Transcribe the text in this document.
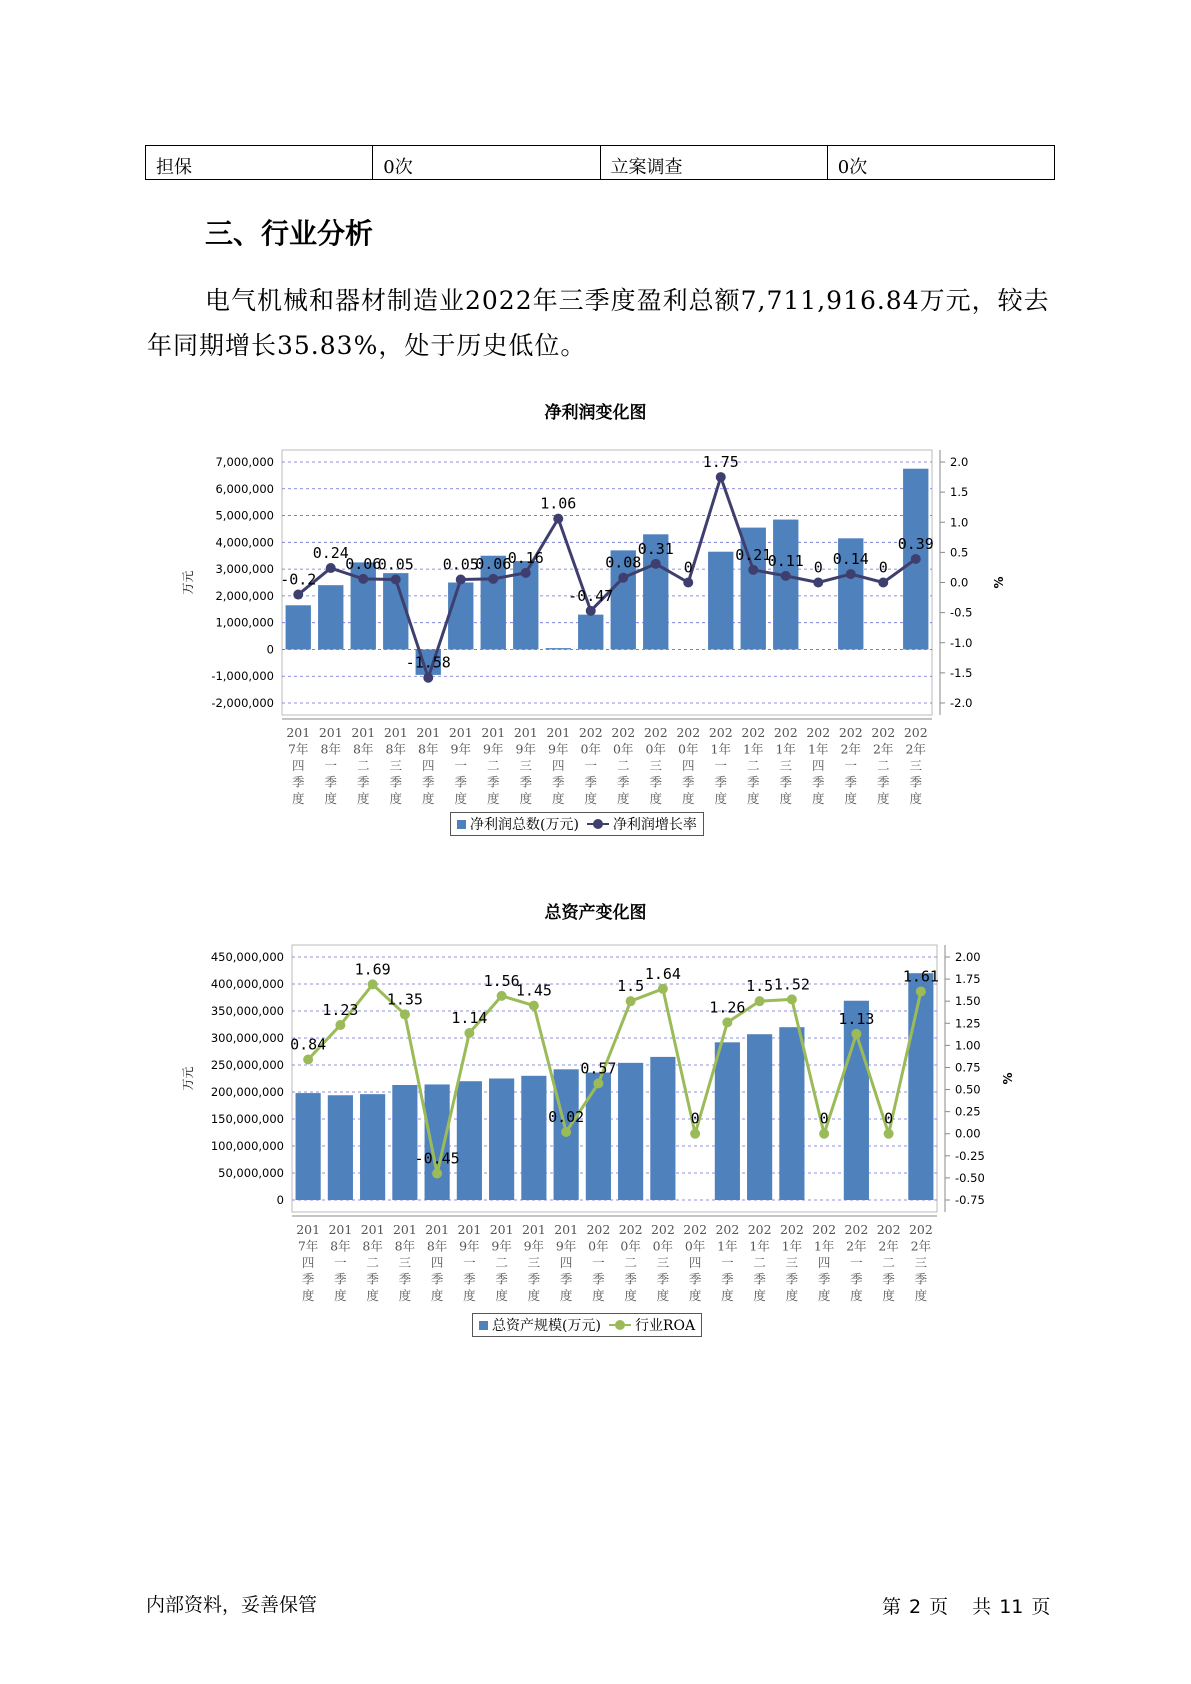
担保	0次	立案调查	0次
三、行业分析

电气机械和器材制造业2022年三季度盈利总额7,711,916.84万元，较去年同期增长35.83%，处于历史低位。

净利润变化图
7,000,000
6,000,000
5,000,000
4,000,000
3,000,000
2,000,000
1,000,000
0
-1,000,000
-2,000,000
2.0
1.5
1.0
0.5
0.0
-0.5
-1.0
-1.5
-2.0
万元	%
201
7年
四
季
度
201
8年
一
季
度
201
8年
二
季
度
201
8年
三
季
度
201
8年
四
季
度
201
9年
一
季
度
201
9年
二
季
度
201
9年
三
季
度
201
9年
四
季
度
202
0年
一
季
度
202
0年
二
季
度
202
0年
三
季
度
202
0年
四
季
度
202
1年
一
季
度
202
1年
二
季
度
202
1年
三
季
度
202
1年
四
季
度
202
2年
一
季
度
202
2年
二
季
度
202
2年
三
季
度
-0.2
0.24
0.06
0.05
-1.58
0.05
0.06
0.16
1.06
-0.47
0.08
0.31
0
1.75
0.21
0.11 0 0.14 0
0.39
净利润总数(万元) 净利润增长率
总资产变化图
450,000,000
400,000,000
350,000,000
300,000,000
250,000,000
200,000,000
150,000,000
100,000,000
50,000,000
0
2.00
1.75
1.50
1.25
1.00
0.75
0.50
0.25
0.00
-0.25
-0.50
-0.75
万元	%
201
7年
四
季
度
201
8年
一
季
度
201
8年
二
季
度
201
8年
三
季
度
201
8年
四
季
度
201
9年
一
季
度
201
9年
二
季
度
201
9年
三
季
度
201
9年
四
季
度
202
0年
一
季
度
202
0年
二
季
度
202
0年
三
季
度
202
0年
四
季
度
202
1年
一
季
度
202
1年
二
季
度
202
1年
三
季
度
202
1年
四
季
度
202
2年
一
季
度
202
2年
二
季
度
202
2年
三
季
度
0.84
1.23
1.69
1.35
-0.45
1.14
1.56
1.45
0.02
0.57
1.5
1.64
0
1.26
1.5 1.52
0
1.13
0
1.61
总资产规模(万元) 行业ROA
内部资料，妥善保管	第 2 页 共 11 页
